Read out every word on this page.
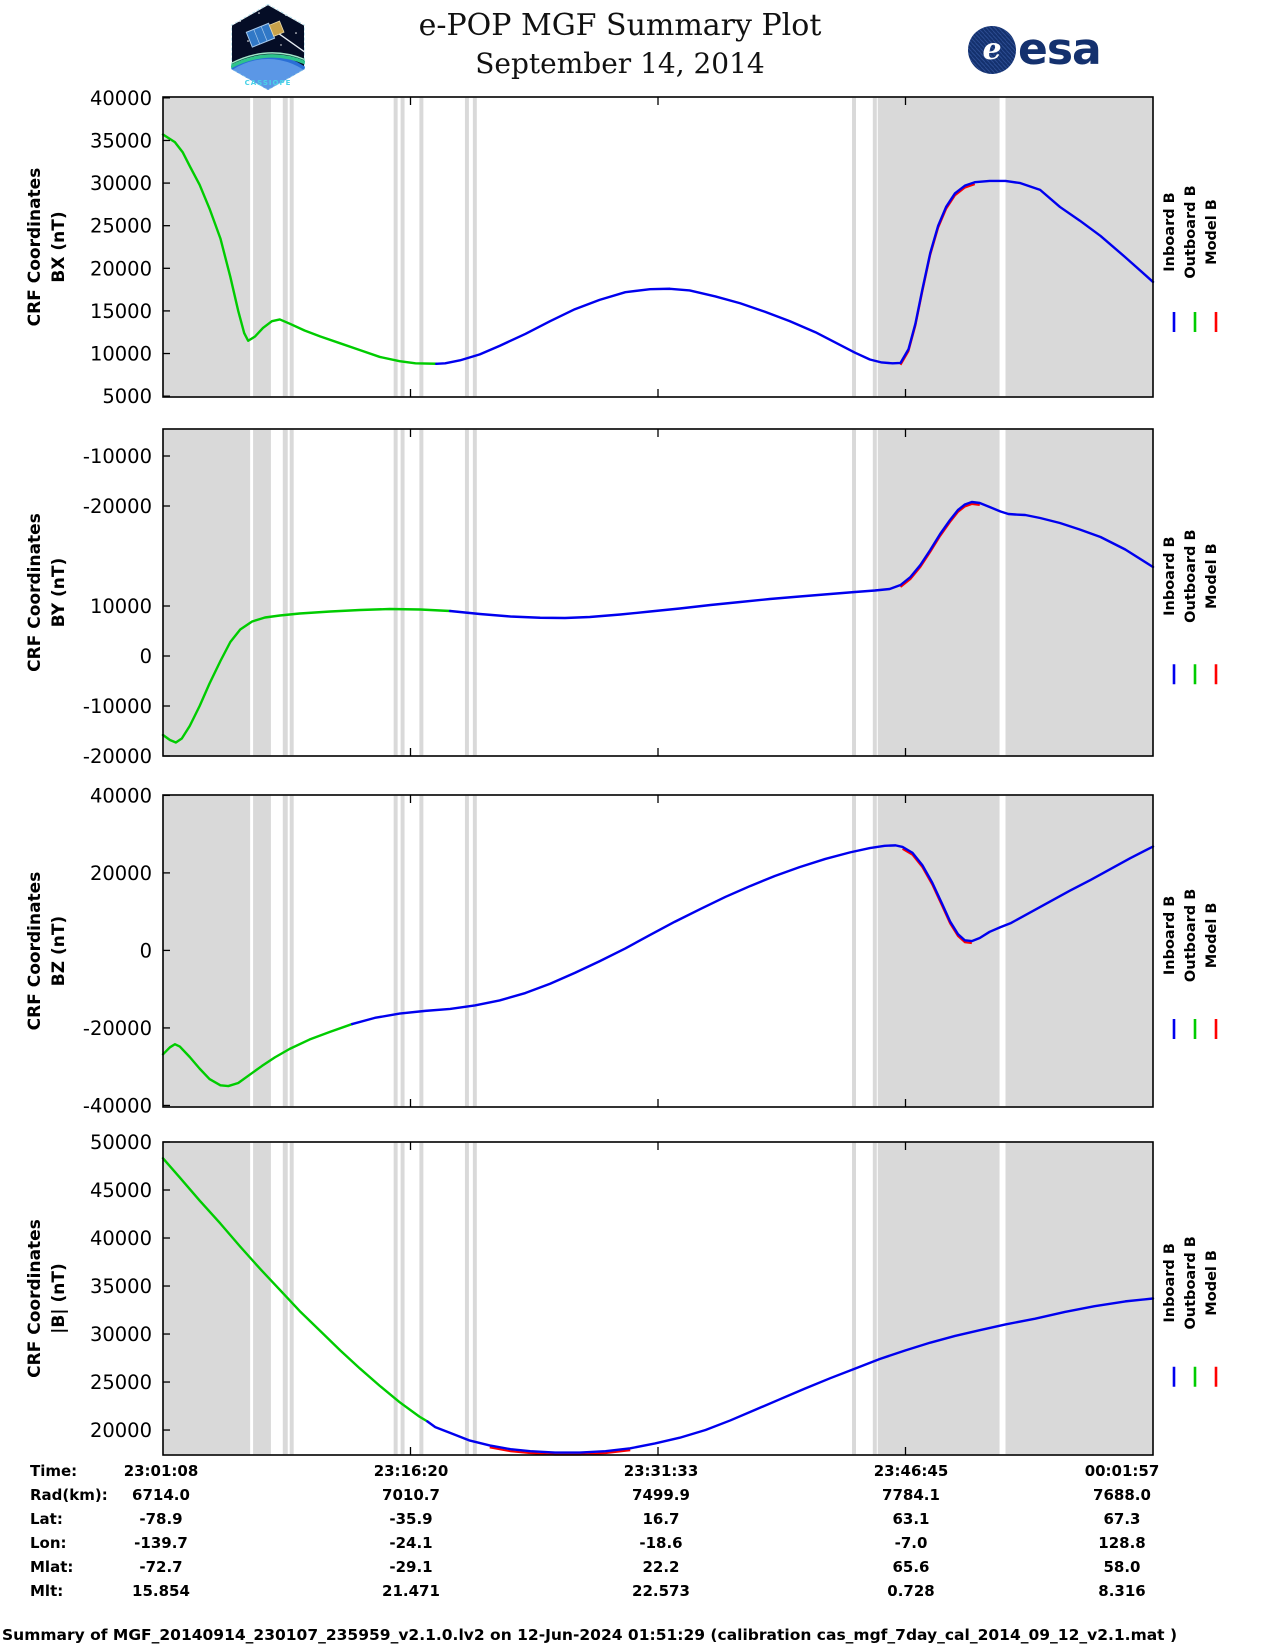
CASSIOPE
e-POP MGF Summary Plot
September 14, 2014	e esa
40000
35000
30000
25000
20000
15000
10000
5000
CRF Coordinates BX (nT)	Inboard B Outboard B Model B
-10000
-20000
10000
0
-10000
-20000
CRF Coordinates BY (nT)	Inboard B Outboard B Model B
40000
20000
0
-20000
-40000
CRF Coordinates BZ (nT)	Inboard B Outboard B Model B
50000
45000
40000
35000
30000
25000
20000
CRF Coordinates |B| (nT)	Inboard B Outboard B Model B
Time:	23:01:08	23:16:20	23:31:33	23:46:45	00:01:57
Rad(km):	6714.0	7010.7	7499.9	7784.1	7688.0
Lat:	-78.9	-35.9	16.7	63.1	67.3
Lon:	-139.7	-24.1	-18.6	-7.0	128.8
Mlat:	-72.7	-29.1	22.2	65.6	58.0
Mlt:	15.854	21.471	22.573	0.728	8.316
Summary of MGF_20140914_230107_235959_v2.1.0.lv2 on 12-Jun-2024 01:51:29 (calibration cas_mgf_7day_cal_2014_09_12_v2.1.mat )
